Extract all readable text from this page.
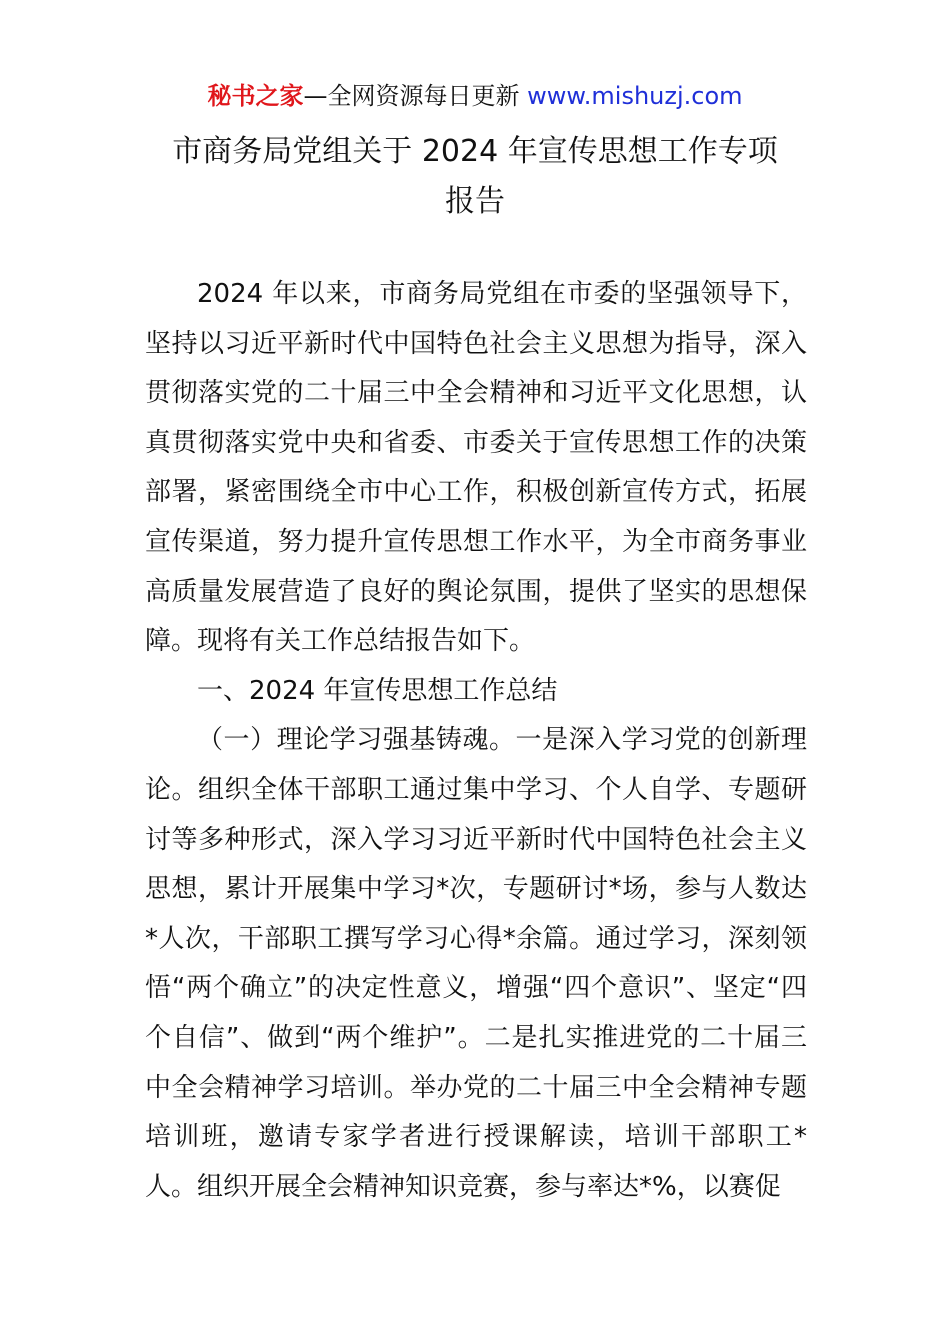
秘书之家—全网资源每日更新 www.mishuzj.com
市商务局党组关于 2024 年宣传思想工作专项
报告

2024 年以来，市商务局党组在市委的坚强领导下，坚持以习近平新时代中国特色社会主义思想为指导，深入贯彻落实党的二十届三中全会精神和习近平文化思想，认真贯彻落实党中央和省委、市委关于宣传思想工作的决策部署，紧密围绕全市中心工作，积极创新宣传方式，拓展宣传渠道，努力提升宣传思想工作水平，为全市商务事业高质量发展营造了良好的舆论氛围，提供了坚实的思想保障。现将有关工作总结报告如下。

一、2024 年宣传思想工作总结

（一）理论学习强基铸魂。一是深入学习党的创新理论。组织全体干部职工通过集中学习、个人自学、专题研讨等多种形式，深入学习习近平新时代中国特色社会主义思想，累计开展集中学习*次，专题研讨*场，参与人数达*人次，干部职工撰写学习心得*余篇。通过学习，深刻领悟“两个确立”的决定性意义，增强“四个意识”、坚定“四个自信”、做到“两个维护”。二是扎实推进党的二十届三中全会精神学习培训。举办党的二十届三中全会精神专题培训班，邀请专家学者进行授课解读，培训干部职工*人。组织开展全会精神知识竞赛，参与率达*%，以赛促
